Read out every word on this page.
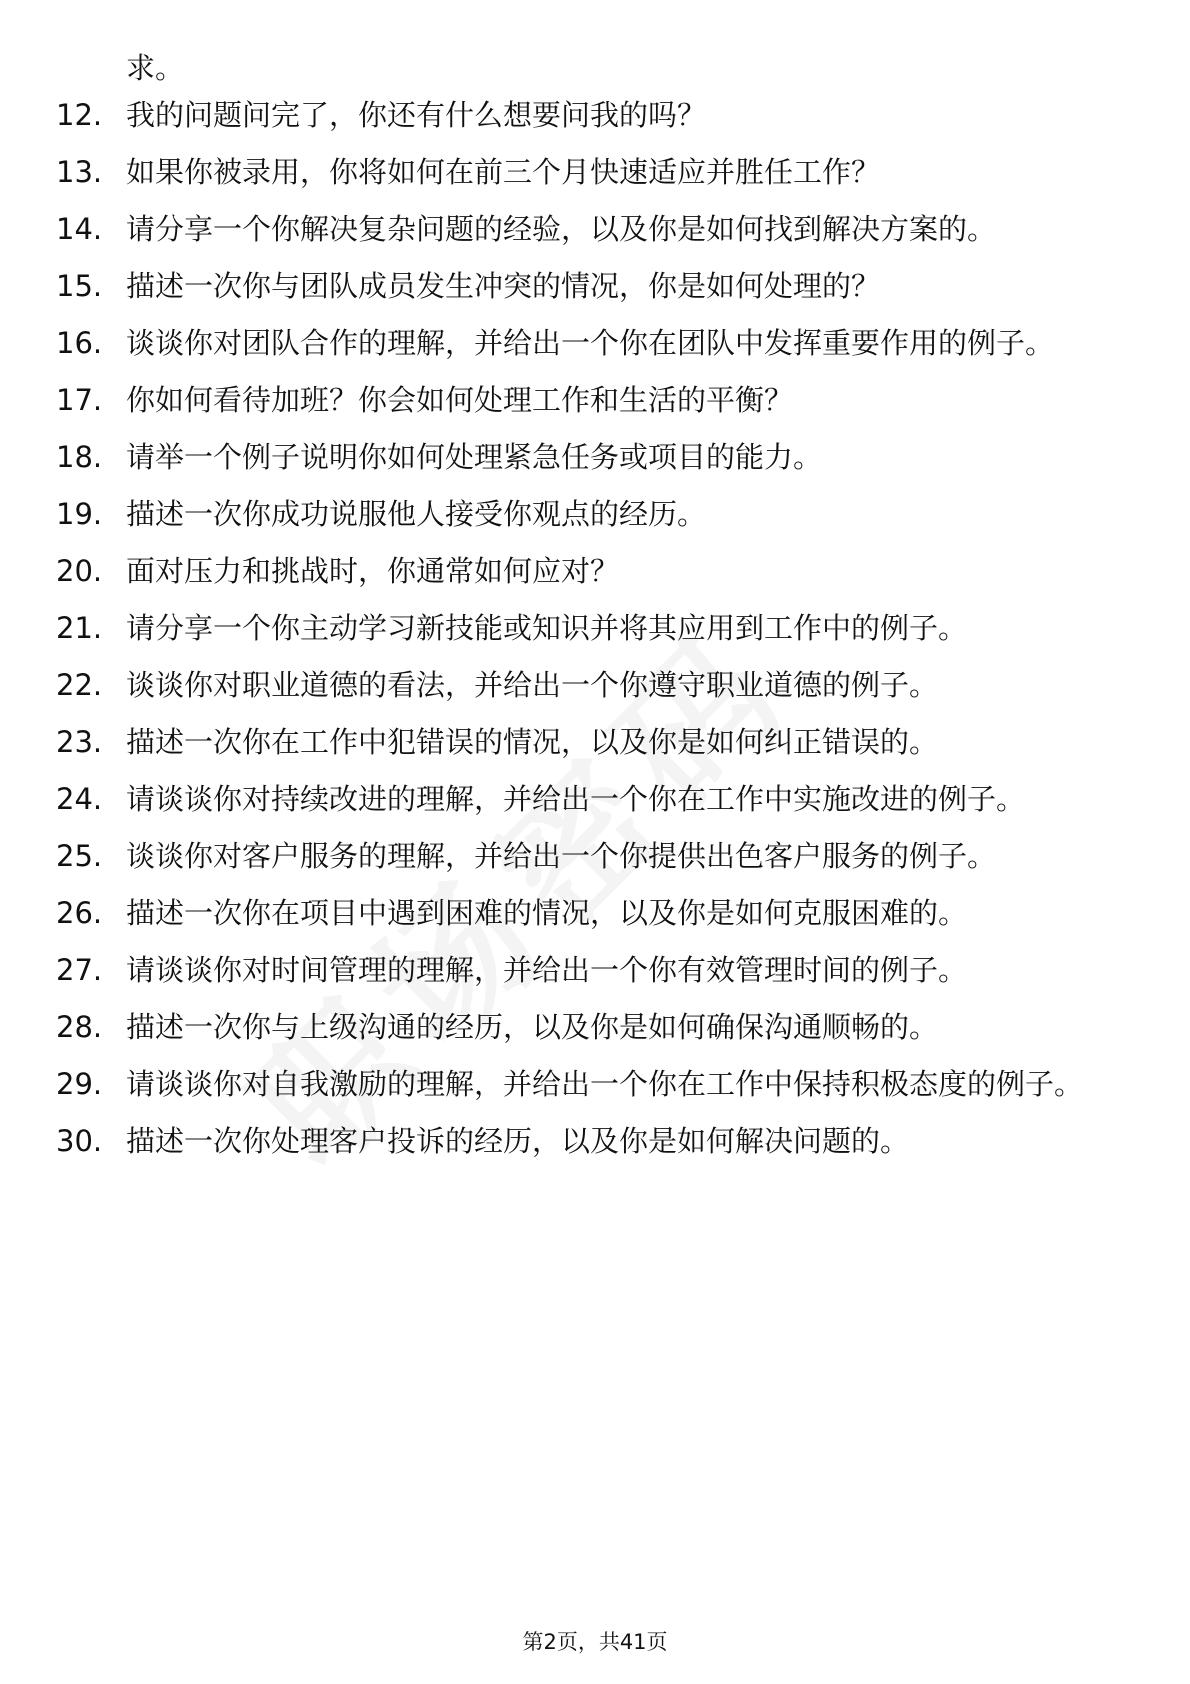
求。

12. 我的问题问完了，你还有什么想要问我的吗？
13. 如果你被录用，你将如何在前三个月快速适应并胜任工作？
14. 请分享一个你解决复杂问题的经验，以及你是如何找到解决方案的。
15. 描述一次你与团队成员发生冲突的情况，你是如何处理的？
16. 谈谈你对团队合作的理解，并给出一个你在团队中发挥重要作用的例子。
17. 你如何看待加班？你会如何处理工作和生活的平衡？
18. 请举一个例子说明你如何处理紧急任务或项目的能力。
19. 描述一次你成功说服他人接受你观点的经历。
20. 面对压力和挑战时，你通常如何应对？
21. 请分享一个你主动学习新技能或知识并将其应用到工作中的例子。
22. 谈谈你对职业道德的看法，并给出一个你遵守职业道德的例子。
23. 描述一次你在工作中犯错误的情况，以及你是如何纠正错误的。
24. 请谈谈你对持续改进的理解，并给出一个你在工作中实施改进的例子。
25. 谈谈你对客户服务的理解，并给出一个你提供出色客户服务的例子。
26. 描述一次你在项目中遇到困难的情况，以及你是如何克服困难的。
27. 请谈谈你对时间管理的理解，并给出一个你有效管理时间的例子。
28. 描述一次你与上级沟通的经历，以及你是如何确保沟通顺畅的。
29. 请谈谈你对自我激励的理解，并给出一个你在工作中保持积极态度的例子。
30. 描述一次你处理客户投诉的经历，以及你是如何解决问题的。
第2页，共41页
